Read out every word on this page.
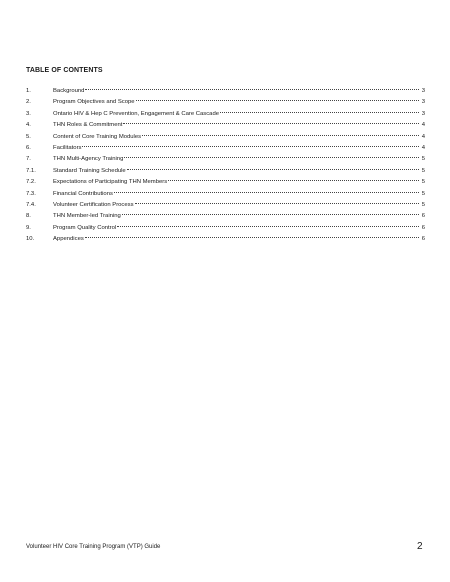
TABLE OF CONTENTS
1.	Background	3
2.	Program Objectives and Scope	3
3.	Ontario HIV & Hep C Prevention, Engagement & Care Cascade	3
4.	THN Roles & Commitment	4
5.	Content of Core Training Modules	4
6.	Facilitators	4
7.	THN Multi-Agency Training	5
7.1.	Standard Training Schedule	5
7.2.	Expectations of Participating THN Members	5
7.3.	Financial Contributions	5
7.4.	Volunteer Certification Process	5
8.	THN Member-led Training	6
9.	Program Quality Control	6
10.	Appendices	6
Volunteer HIV Core Training Program (VTP) Guide	2
